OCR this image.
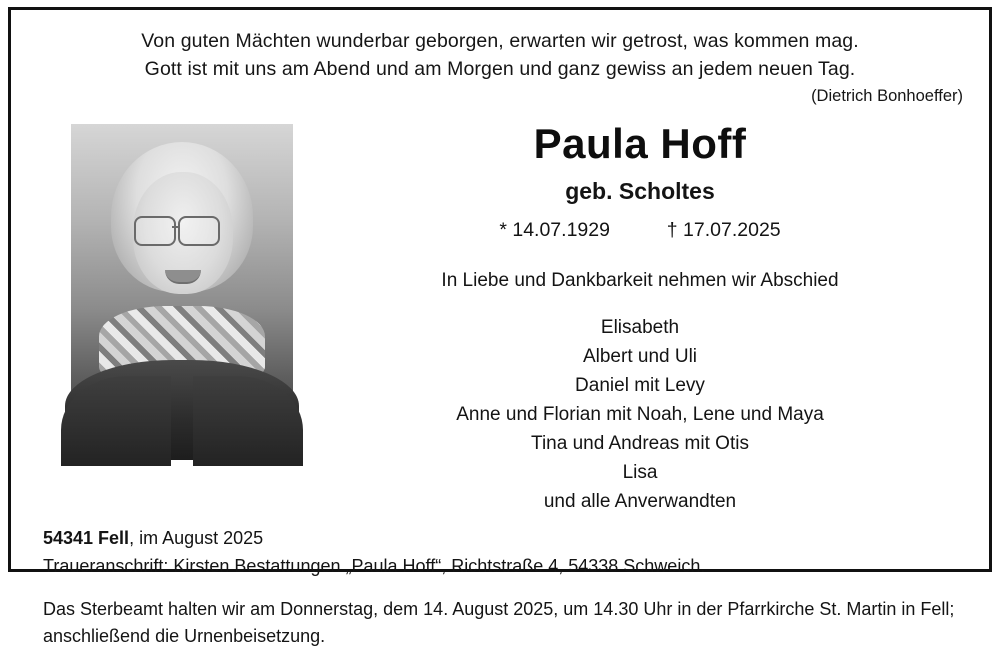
Von guten Mächten wunderbar geborgen, erwarten wir getrost, was kommen mag.
Gott ist mit uns am Abend und am Morgen und ganz gewiss an jedem neuen Tag.
(Dietrich Bonhoeffer)
Paula Hoff
geb. Scholtes
* 14.07.1929	† 17.07.2025
In Liebe und Dankbarkeit nehmen wir Abschied
Elisabeth
Albert und Uli
Daniel mit Levy
Anne und Florian mit Noah, Lene und Maya
Tina und Andreas mit Otis
Lisa
und alle Anverwandten
54341 Fell, im August 2025
Traueranschrift: Kirsten Bestattungen „Paula Hoff“, Richtstraße 4, 54338 Schweich.
Das Sterbeamt halten wir am Donnerstag, dem 14. August 2025, um 14.30 Uhr in der Pfarrkirche St. Martin in Fell; anschließend die Urnenbeisetzung.
